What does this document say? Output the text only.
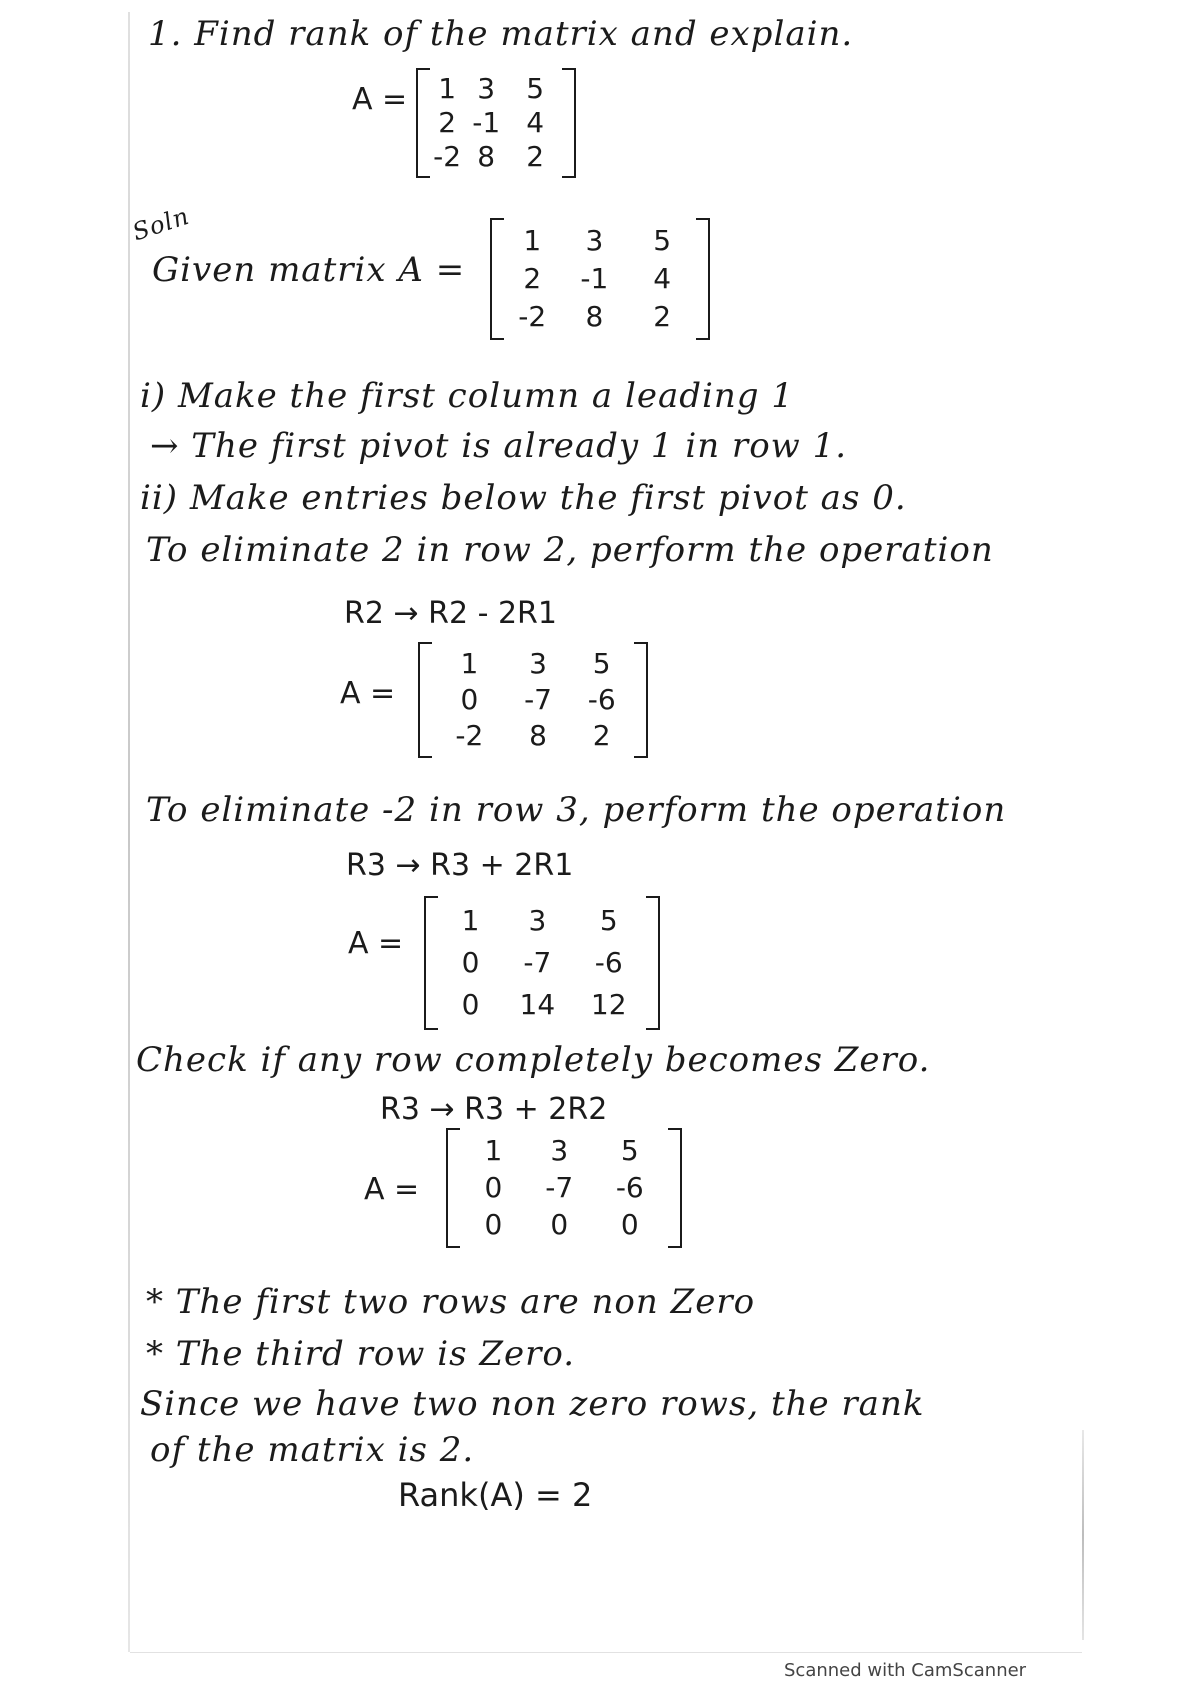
1. Find rank of the matrix and explain.
A = 1 3 5
2 -1 4
-2 8 2
Soln
Given matrix A =
1 3 5
2 -1 4
-2 8 2
i) Make the first column a leading 1
→ The first pivot is already 1 in row 1.
ii) Make entries below the first pivot as 0.
To eliminate 2 in row 2, perform the operation
R2 → R2 - 2R1
A =
1 3 5
0 -7 -6
-2 8 2
To eliminate -2 in row 3, perform the operation
R3 → R3 + 2R1
A =
1 3 5
0 -7 -6
0 14 12
Check if any row completely becomes Zero.
R3 → R3 + 2R2
A =
1 3 5
0 -7 -6
0 0 0
* The first two rows are non Zero
* The third row is Zero.
Since we have two non zero rows, the rank
of the matrix is 2.
Rank(A) = 2
Scanned with CamScanner
